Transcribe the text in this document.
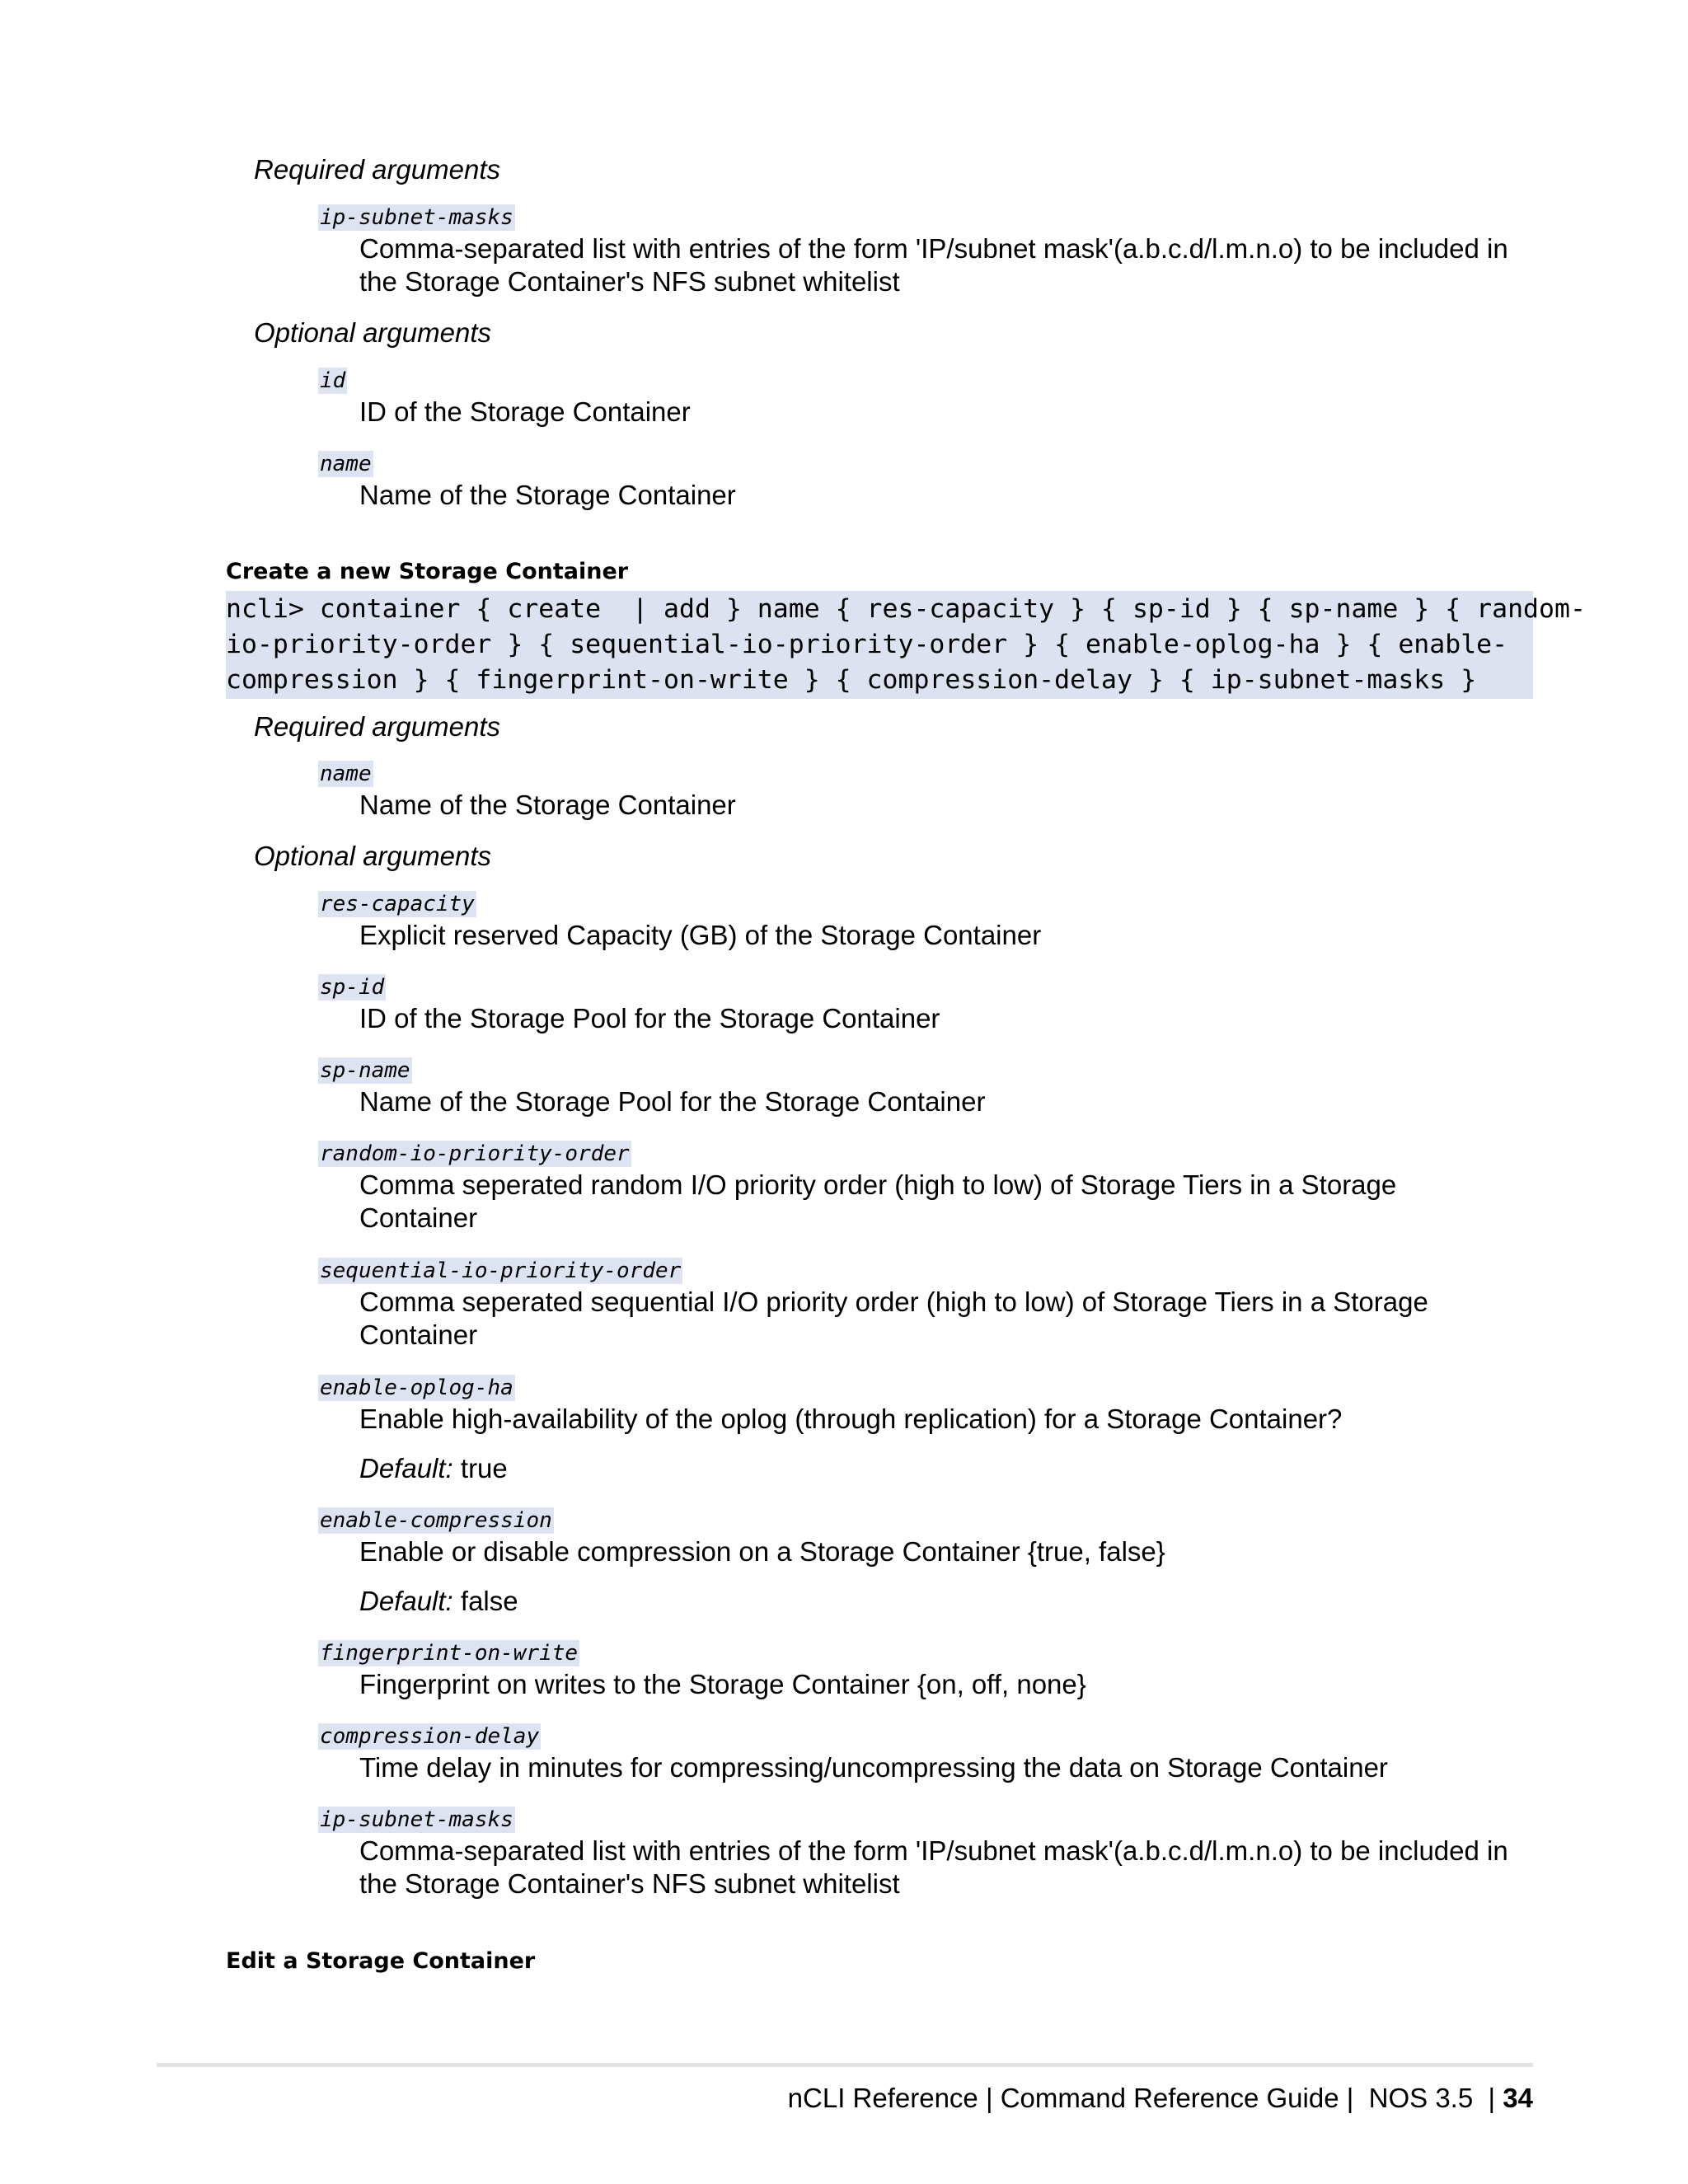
Required arguments
ip-subnet-masks
Comma-separated list with entries of the form 'IP/subnet mask'(a.b.c.d/l.m.n.o) to be included in
the Storage Container's NFS subnet whitelist
Optional arguments
id
ID of the Storage Container
name
Name of the Storage Container
Create a new Storage Container
ncli> container { create  | add } name { res-capacity } { sp-id } { sp-name } { random-
io-priority-order } { sequential-io-priority-order } { enable-oplog-ha } { enable-
compression } { fingerprint-on-write } { compression-delay } { ip-subnet-masks }
Required arguments
name
Name of the Storage Container
Optional arguments
res-capacity
Explicit reserved Capacity (GB) of the Storage Container
sp-id
ID of the Storage Pool for the Storage Container
sp-name
Name of the Storage Pool for the Storage Container
random-io-priority-order
Comma seperated random I/O priority order (high to low) of Storage Tiers in a Storage
Container
sequential-io-priority-order
Comma seperated sequential I/O priority order (high to low) of Storage Tiers in a Storage
Container
enable-oplog-ha
Enable high-availability of the oplog (through replication) for a Storage Container?
Default: true
enable-compression
Enable or disable compression on a Storage Container {true, false}
Default: false
fingerprint-on-write
Fingerprint on writes to the Storage Container {on, off, none}
compression-delay
Time delay in minutes for compressing/uncompressing the data on Storage Container
ip-subnet-masks
Comma-separated list with entries of the form 'IP/subnet mask'(a.b.c.d/l.m.n.o) to be included in
the Storage Container's NFS subnet whitelist
Edit a Storage Container
nCLI Reference | Command Reference Guide |  NOS 3.5  | 34
